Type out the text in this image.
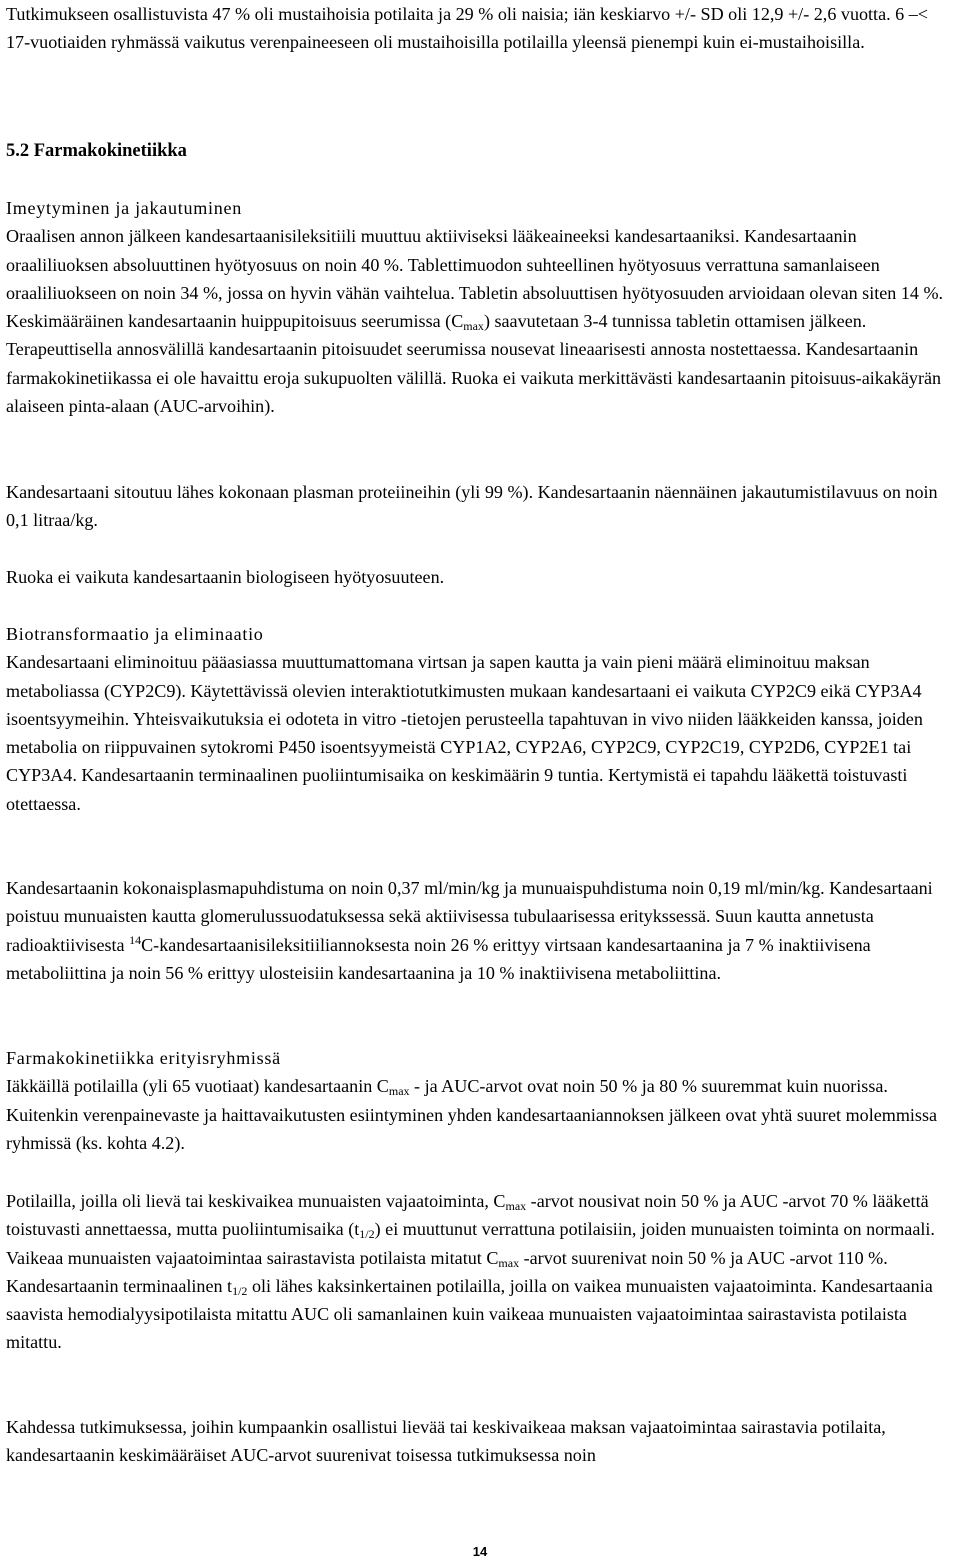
Tutkimukseen osallistuvista 47 % oli mustaihoisia potilaita ja 29 % oli naisia; iän keskiarvo +/- SD oli 12,9 +/- 2,6 vuotta. 6 –< 17-vuotiaiden ryhmässä vaikutus verenpaineeseen oli mustaihoisilla potilailla yleensä pienempi kuin ei-mustaihoisilla.
5.2 Farmakokinetiikka
Imeytyminen ja jakautuminen

Oraalisen annon jälkeen kandesartaanisileksitiili muuttuu aktiiviseksi lääkeaineeksi kandesartaaniksi. Kandesartaanin oraaliliuoksen absoluuttinen hyötyosuus on noin 40 %. Tablettimuodon suhteellinen hyötyosuus verrattuna samanlaiseen oraaliliuokseen on noin 34 %, jossa on hyvin vähän vaihtelua. Tabletin absoluuttisen hyötyosuuden arvioidaan olevan siten 14 %. Keskimääräinen kandesartaanin huippupitoisuus seerumissa $(C_{max})$ saavutetaan 3-4 tunnissa tabletin ottamisen jälkeen. Terapeuttisella annosvälillä kandesartaanin pitoisuudet seerumissa nousevat lineaarisesti annosta nostettaessa. Kandesartaanin farmakokinetiikassa ei ole havaittu eroja sukupuolten välillä. Ruoka ei vaikuta merkittävästi kandesartaanin pitoisuus-aikakäyrän alaiseen pinta-alaan (AUC-arvoihin).

Kandesartaani sitoutuu lähes kokonaan plasman proteiineihin (yli 99 %). Kandesartaanin näennäinen jakautumistilavuus on noin 0,1 litraa/kg.
Ruoka ei vaikuta kandesartaanin biologiseen hyötyosuuteen.
Biotransformaatio ja eliminaatio

Kandesartaani eliminoituu pääasiassa muuttumattomana virtsan ja sapen kautta ja vain pieni määrä eliminoituu maksan metaboliassa (CYP2C9). Käytettävissä olevien interaktiotutkimusten mukaan kandesartaani ei vaikuta CYP2C9 eikä CYP3A4 isoentsyymeihin. Yhteisvaikutuksia ei odoteta in vitro -tietojen perusteella tapahtuvan in vivo niiden lääkkeiden kanssa, joiden metabolia on riippuvainen sytokromi P450 isoentsyymeistä CYP1A2, CYP2A6, CYP2C9, CYP2C19, CYP2D6, CYP2E1 tai CYP3A4. Kandesartaanin terminaalinen puoliintumisaika on keskimäärin 9 tuntia. Kertymistä ei tapahdu lääkettä toistuvasti otettaessa.

Kandesartaanin kokonaisplasmapuhdistuma on noin 0,37 ml/min/kg ja munuaispuhdistuma noin 0,19 ml/min/kg. Kandesartaani poistuu munuaisten kautta glomerulussuodatuksessa sekä aktiivisessa tubulaarisessa eritykssessä. Suun kautta annetusta radioaktiivisesta $^{14}$C-kandesartaanisileksitiiliannoksesta noin 26 % erittyy virtsaan kandesartaanina ja 7 % inaktiivisena metaboliittina ja noin 56 % erittyy ulosteisiin kandesartaanina ja 10 % inaktiivisena metaboliittina.
Farmakokinetiikka erityisryhmissä

Iäkkäillä potilailla (yli 65 vuotiaat) kandesartaanin $C_{max}$ - ja AUC-arvot ovat noin 50 % ja 80 % suuremmat kuin nuorissa. Kuitenkin verenpainevaste ja haittavaikutusten esiintyminen yhden kandesartaaniannoksen jälkeen ovat yhtä suuret molemmissa ryhmissä (ks. kohta 4.2).

Potilailla, joilla oli lievä tai keskivaikea munuaisten vajaatoiminta, $C_{max}$ -arvot nousivat noin 50 % ja AUC -arvot 70 % lääkettä toistuvasti annettaessa, mutta puoliintumisaika $(t_{1/2})$ ei muuttunut verrattuna potilaisiin, joiden munuaisten toiminta on normaali. Vaikeaa munuaisten vajaatoimintaa sairastavista potilaista mitatut $C_{max}$ -arvot suurenivat noin 50 % ja AUC -arvot 110 %. Kandesartaanin terminaalinen $t_{1/2}$ oli lähes kaksinkertainen potilailla, joilla on vaikea munuaisten vajaatoiminta. Kandesartaania saavista hemodialyysipotilaista mitattu AUC oli samanlainen kuin vaikeaa munuaisten vajaatoimintaa sairastavista potilaista mitattu.
Kahdessa tutkimuksessa, joihin kumpaankin osallistui lievää tai keskivaikeaa maksan vajaatoimintaa sairastavia potilaita, kandesartaanin keskimääräiset AUC-arvot suurenivat toisessa tutkimuksessa noin
14
